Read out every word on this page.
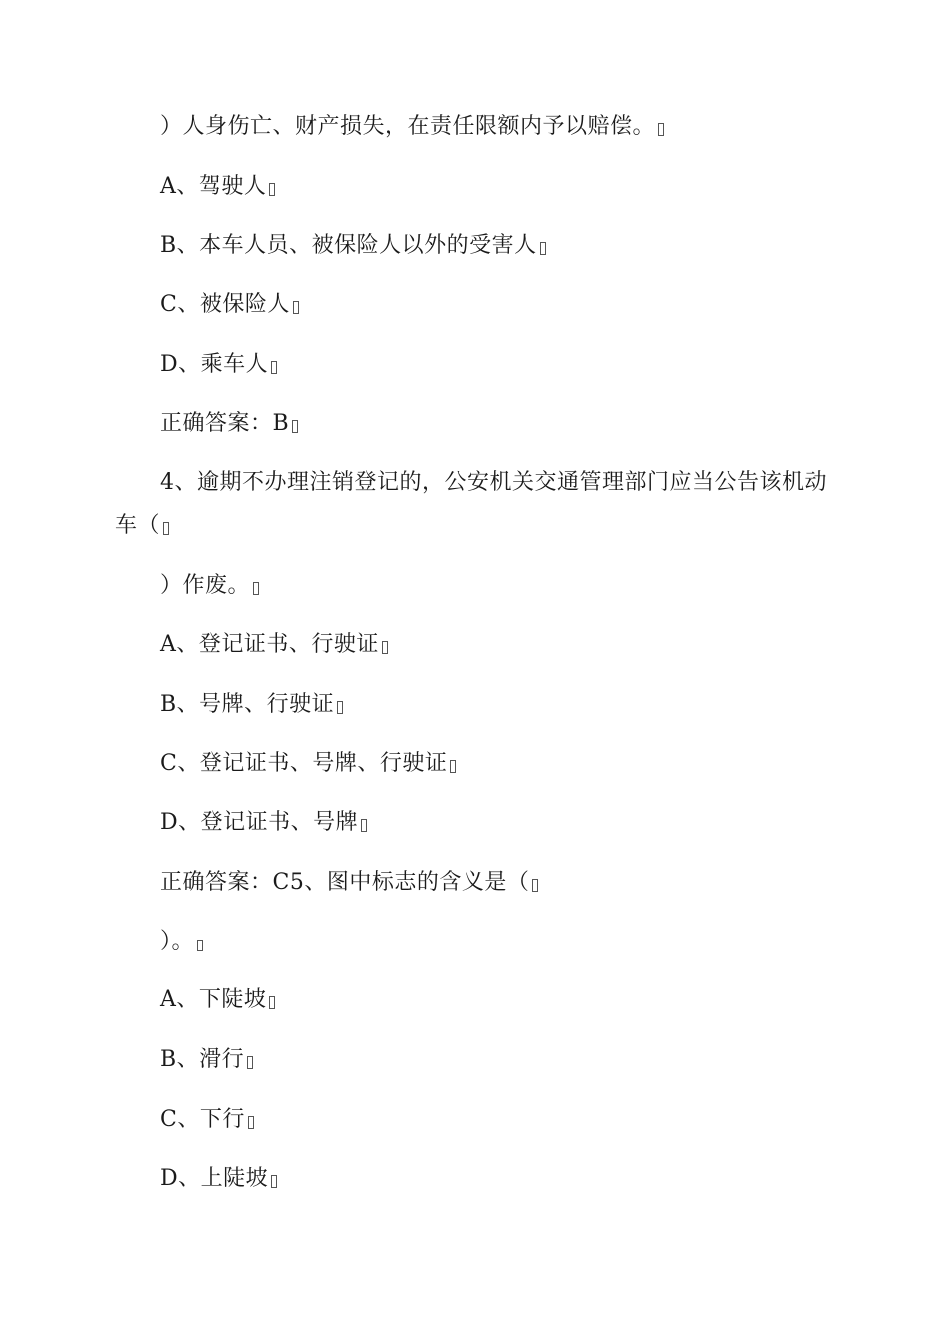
）人身伤亡、财产损失，在责任限额内予以赔偿。
A、驾驶人
B、本车人员、被保险人以外的受害人
C、被保险人
D、乘车人
正确答案：B
4、逾期不办理注销登记的，公安机关交通管理部门应当公告该机动
车（
）作废。
A、登记证书、行驶证
B、号牌、行驶证
C、登记证书、号牌、行驶证
D、登记证书、号牌
正确答案：C5、图中标志的含义是（
）。
A、下陡坡
B、滑行
C、下行
D、上陡坡
